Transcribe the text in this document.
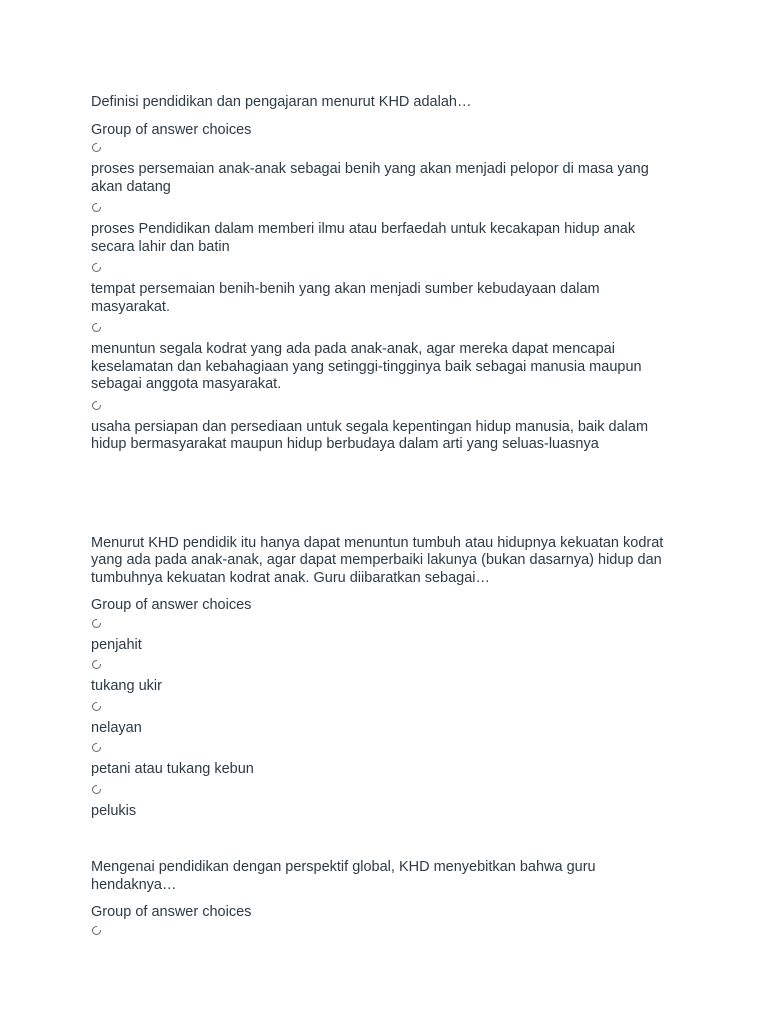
Definisi pendidikan dan pengajaran menurut KHD adalah…

Group of answer choices

proses persemaian anak-anak sebagai benih yang akan menjadi pelopor di masa yang akan datang

proses Pendidikan dalam memberi ilmu atau berfaedah untuk kecakapan hidup anak secara lahir dan batin

tempat persemaian benih-benih yang akan menjadi sumber kebudayaan dalam masyarakat.

menuntun segala kodrat yang ada pada anak-anak, agar mereka dapat mencapai keselamatan dan kebahagiaan yang setinggi-tingginya baik sebagai manusia maupun sebagai anggota masyarakat.

usaha persiapan dan persediaan untuk segala kepentingan hidup manusia, baik dalam hidup bermasyarakat maupun hidup berbudaya dalam arti yang seluas-luasnya

Menurut KHD pendidik itu hanya dapat menuntun tumbuh atau hidupnya kekuatan kodrat yang ada pada anak-anak, agar dapat memperbaiki lakunya (bukan dasarnya) hidup dan tumbuhnya kekuatan kodrat anak. Guru diibaratkan sebagai…

Group of answer choices

penjahit

tukang ukir

nelayan

petani atau tukang kebun

pelukis

Mengenai pendidikan dengan perspektif global, KHD menyebitkan bahwa guru hendaknya…

Group of answer choices
